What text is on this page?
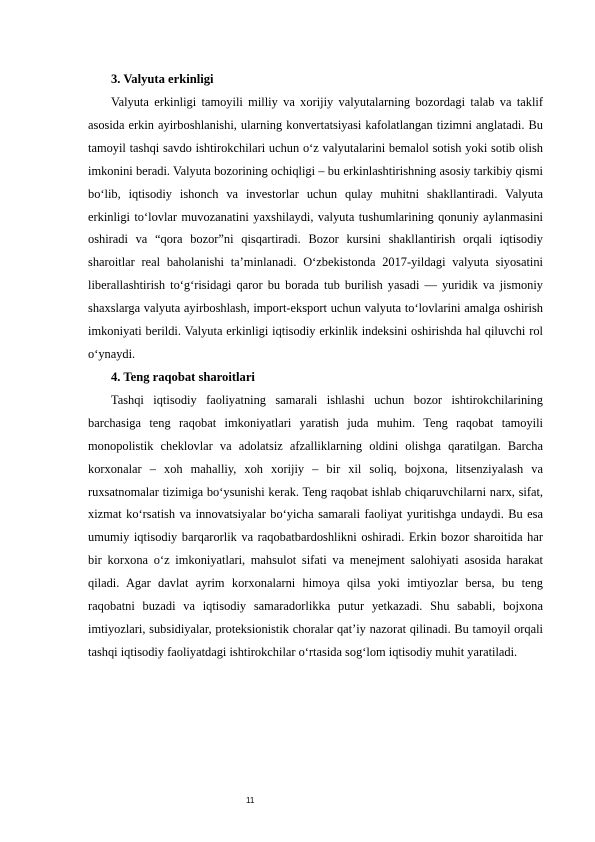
3. Valyuta erkinligi

Valyuta erkinligi tamoyili milliy va xorijiy valyutalarning bozordagi talab va taklif asosida erkin ayirboshlanishi, ularning konvertatsiyasi kafolatlangan tizimni anglatadi. Bu tamoyil tashqi savdo ishtirokchilari uchun o‘z valyutalarini bemalol sotish yoki sotib olish imkonini beradi. Valyuta bozorining ochiqligi – bu erkinlashtirishning asosiy tarkibiy qismi bo‘lib, iqtisodiy ishonch va investorlar uchun qulay muhitni shakllantiradi. Valyuta erkinligi to‘lovlar muvozanatini yaxshilaydi, valyuta tushumlarining qonuniy aylanmasini oshiradi va “qora bozor”ni qisqartiradi. Bozor kursini shakllantirish orqali iqtisodiy sharoitlar real baholanishi ta’minlanadi. O‘zbekistonda 2017-yildagi valyuta siyosatini liberallashtirish to‘g‘risidagi qaror bu borada tub burilish yasadi — yuridik va jismoniy shaxslarga valyuta ayirboshlash, import-eksport uchun valyuta to‘lovlarini amalga oshirish imkoniyati berildi. Valyuta erkinligi iqtisodiy erkinlik indeksini oshirishda hal qiluvchi rol o‘ynaydi.

4. Teng raqobat sharoitlari

Tashqi iqtisodiy faoliyatning samarali ishlashi uchun bozor ishtirokchilarining barchasiga teng raqobat imkoniyatlari yaratish juda muhim. Teng raqobat tamoyili monopolistik cheklovlar va adolatsiz afzalliklarning oldini olishga qaratilgan. Barcha korxonalar – xoh mahalliy, xoh xorijiy – bir xil soliq, bojxona, litsenziyalash va ruxsatnomalar tizimiga bo‘ysunishi kerak. Teng raqobat ishlab chiqaruvchilarni narx, sifat, xizmat ko‘rsatish va innovatsiyalar bo‘yicha samarali faoliyat yuritishga undaydi. Bu esa umumiy iqtisodiy barqarorlik va raqobatbardoshlikni oshiradi. Erkin bozor sharoitida har bir korxona o‘z imkoniyatlari, mahsulot sifati va menejment salohiyati asosida harakat qiladi. Agar davlat ayrim korxonalarni himoya qilsa yoki imtiyozlar bersa, bu teng raqobatni buzadi va iqtisodiy samaradorlikka putur yetkazadi. Shu sababli, bojxona imtiyozlari, subsidiyalar, proteksionistik choralar qat’iy nazorat qilinadi. Bu tamoyil orqali tashqi iqtisodiy faoliyatdagi ishtirokchilar o‘rtasida sog‘lom iqtisodiy muhit yaratiladi.

11
